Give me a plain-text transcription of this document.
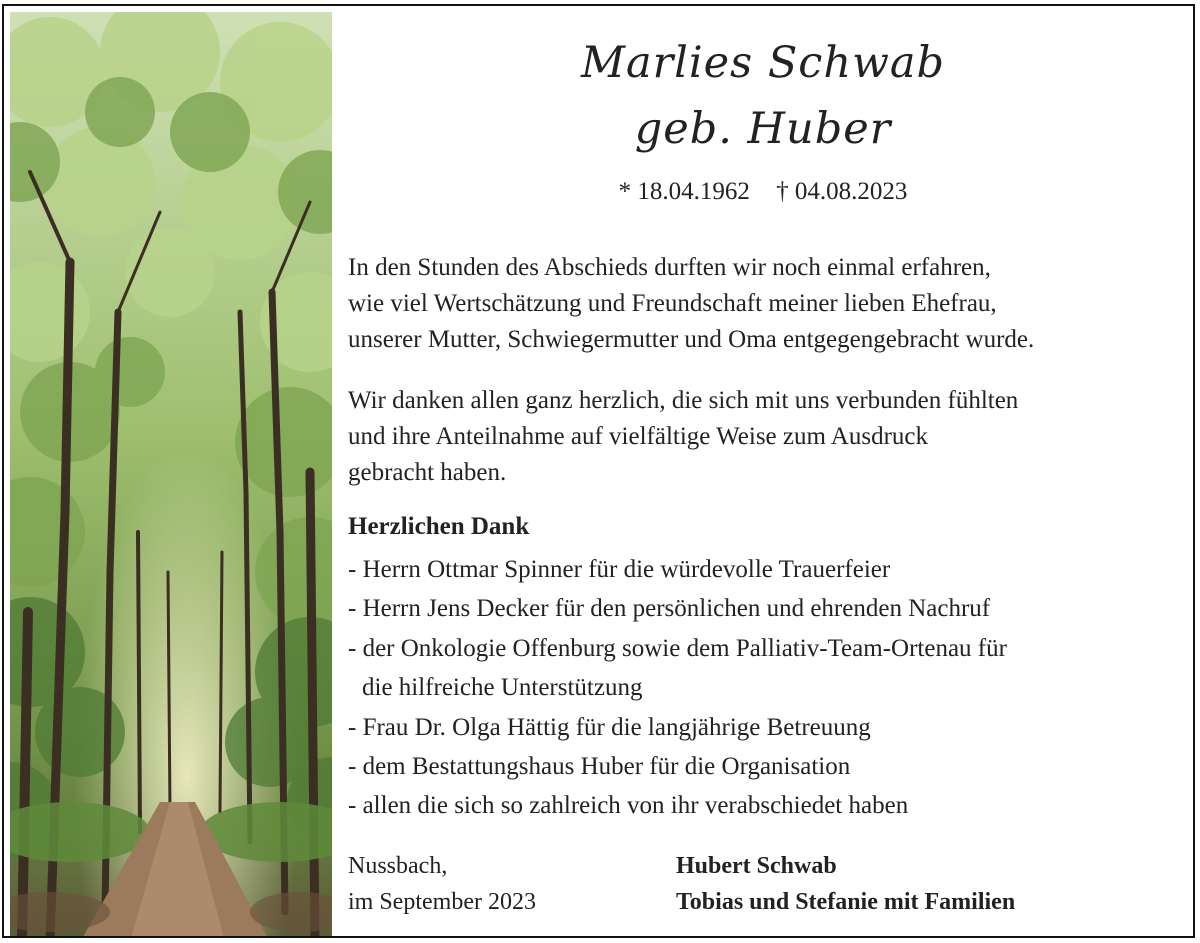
Marlies Schwab
geb. Huber
* 18.04.1962 † 04.08.2023
In den Stunden des Abschieds durften wir noch einmal erfahren,
wie viel Wertschätzung und Freundschaft meiner lieben Ehefrau,
unserer Mutter, Schwiegermutter und Oma entgegengebracht wurde.
Wir danken allen ganz herzlich, die sich mit uns verbunden fühlten
und ihre Anteilnahme auf vielfältige Weise zum Ausdruck
gebracht haben.
Herzlichen Dank
- Herrn Ottmar Spinner für die würdevolle Trauerfeier
- Herrn Jens Decker für den persönlichen und ehrenden Nachruf
- der Onkologie Offenburg sowie dem Palliativ-Team-Ortenau für
die hilfreiche Unterstützung
- Frau Dr. Olga Hättig für die langjährige Betreuung
- dem Bestattungshaus Huber für die Organisation
- allen die sich so zahlreich von ihr verabschiedet haben
Nussbach,
im September 2023
Hubert Schwab
Tobias und Stefanie mit Familien
